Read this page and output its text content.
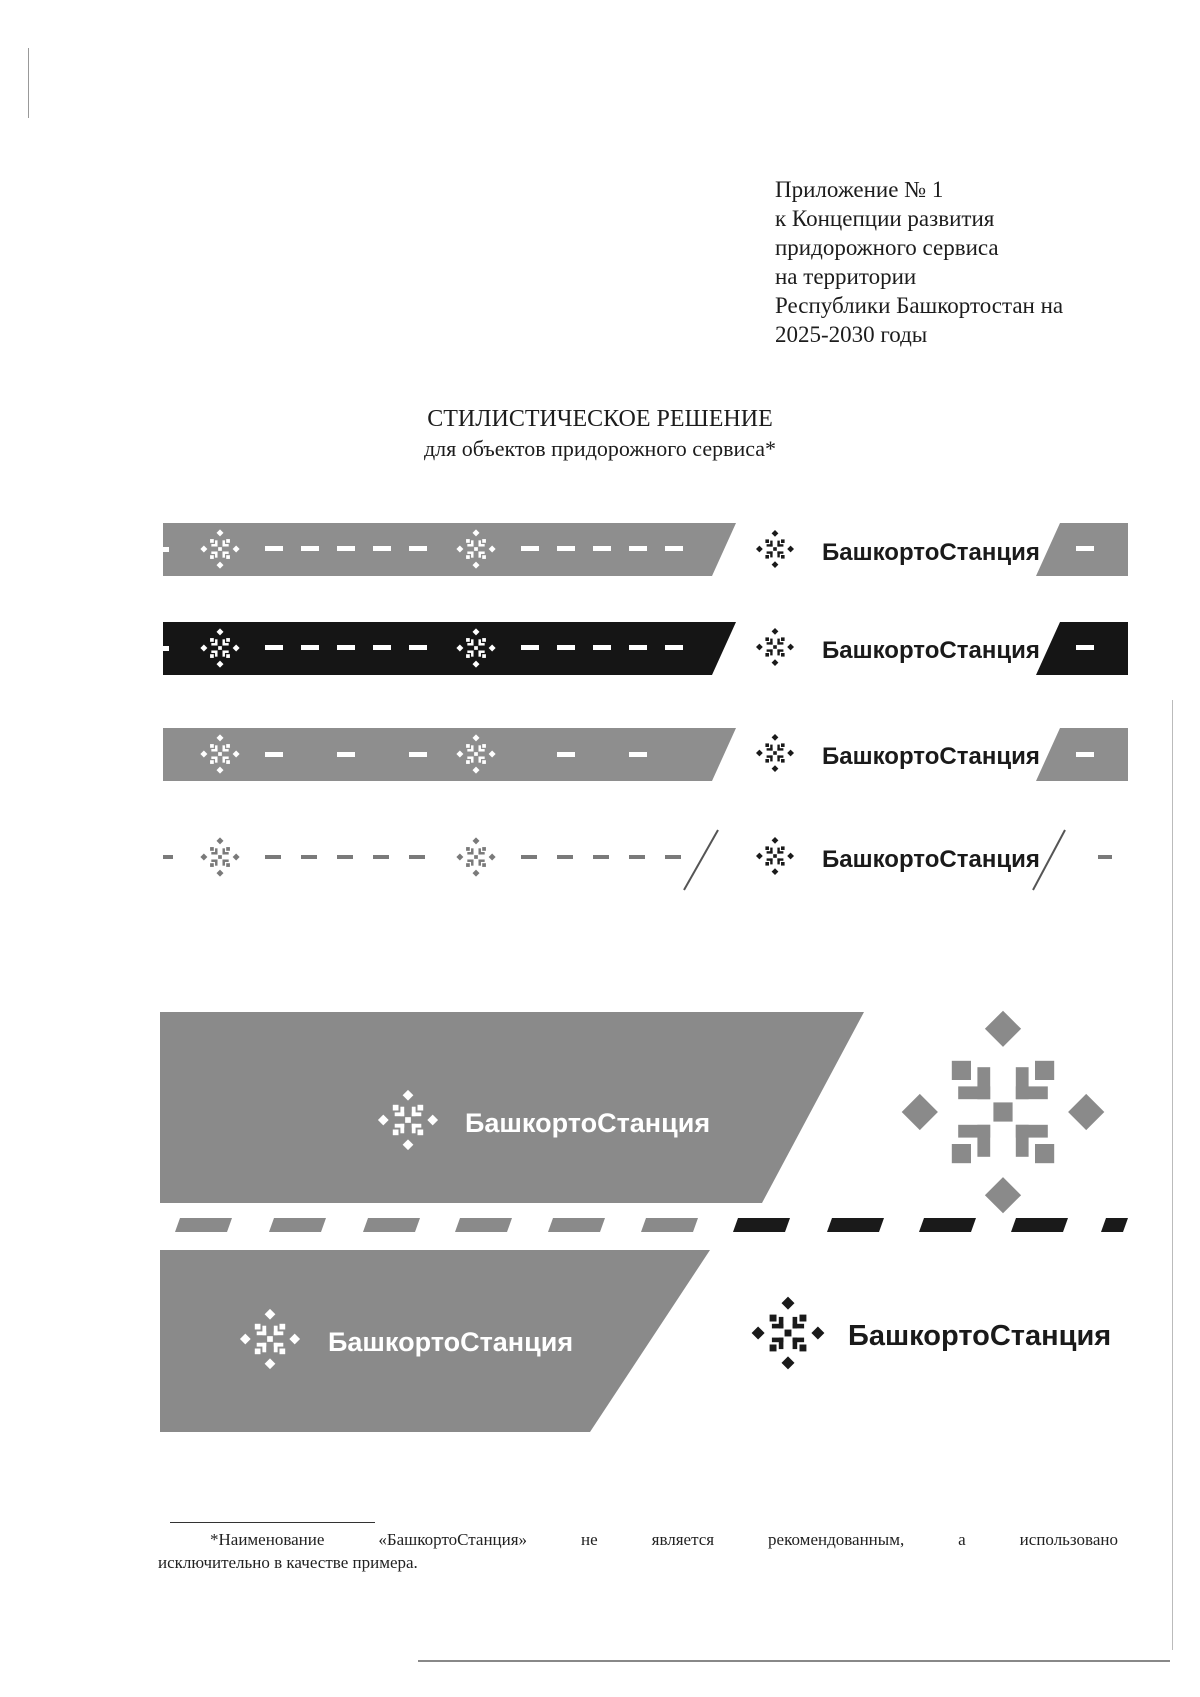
Приложение № 1
к Концепции развития
придорожного сервиса
на территории
Республики Башкортостан на
2025-2030 годы
СТИЛИСТИЧЕСКОЕ РЕШЕНИЕ
для объектов придорожного сервиса*
БашкортоСтанция
БашкортоСтанция
БашкортоСтанция
БашкортоСтанция
БашкортоСтанция
БашкортоСтанция	БашкортоСтанция
*Наименование «БашкортоСтанция» не является рекомендованным, а использовано
исключительно в качестве примера.
